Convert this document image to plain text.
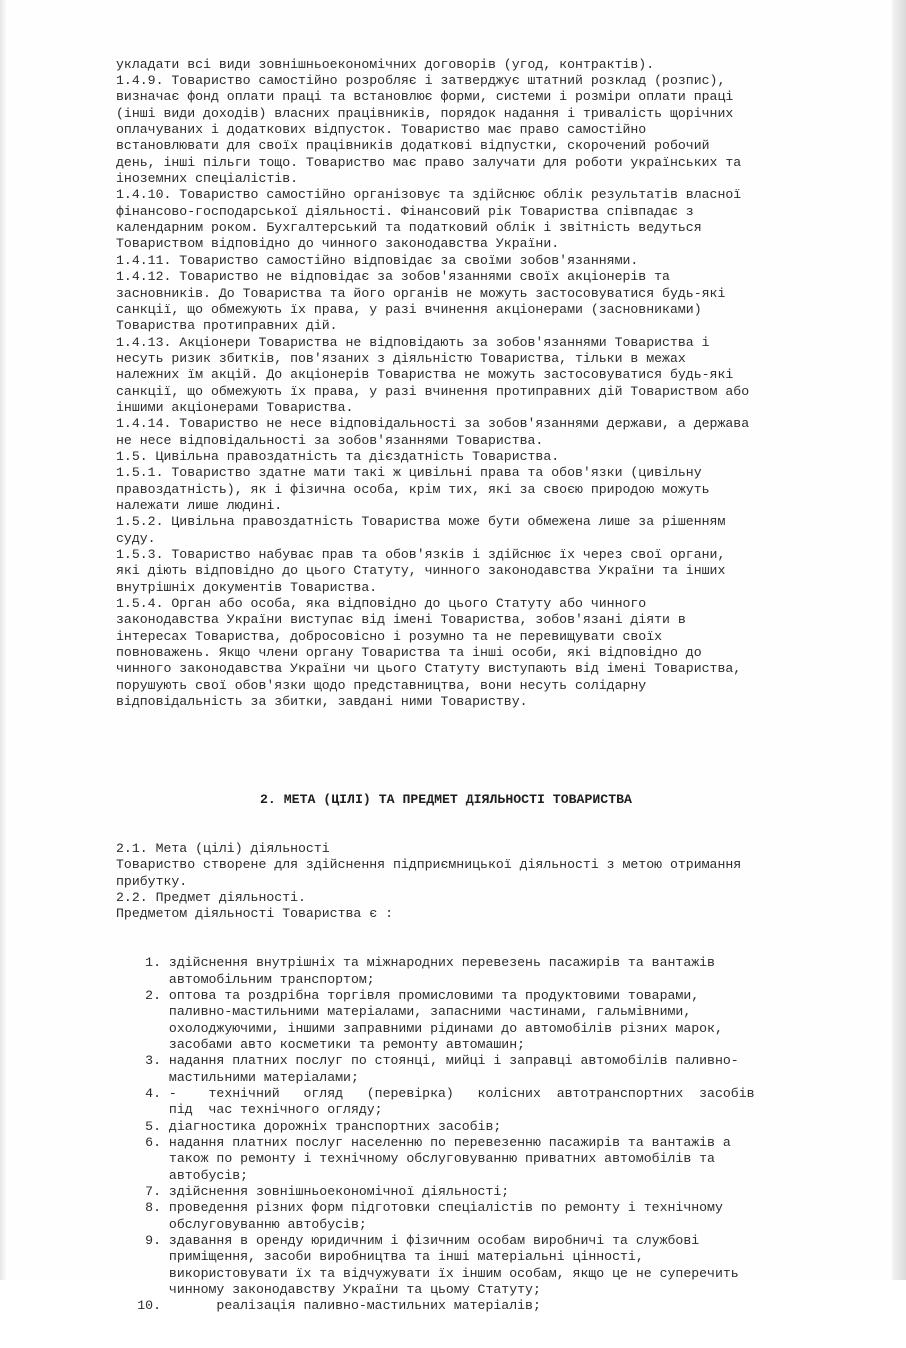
укладати всі види зовнішньоекономічних договорів (угод, контрактів).
1.4.9. Товариство самостійно розробляє і затверджує штатний розклад (розпис),
визначає фонд оплати праці та встановлює форми, системи і розміри оплати праці
(інші види доходів) власних працівників, порядок надання і тривалість щорічних
оплачуваних і додаткових відпусток. Товариство має право самостійно
встановлювати для своїх працівників додаткові відпустки, скорочений робочий
день, інші пільги тощо. Товариство має право залучати для роботи українських та
іноземних спеціалістів.
1.4.10. Товариство самостійно організовує та здійснює облік результатів власної
фінансово-господарської діяльності. Фінансовий рік Товариства співпадає з
календарним роком. Бухгалтерський та податковий облік і звітність ведуться
Товариством відповідно до чинного законодавства України.
1.4.11. Товариство самостійно відповідає за своїми зобов'язаннями.
1.4.12. Товариство не відповідає за зобов'язаннями своїх акціонерів та
засновників. До Товариства та його органів не можуть застосовуватися будь-які
санкції, що обмежують їх права, у разі вчинення акціонерами (засновниками)
Товариства протиправних дій.
1.4.13. Акціонери Товариства не відповідають за зобов'язаннями Товариства і
несуть ризик збитків, пов'язаних з діяльністю Товариства, тільки в межах
належних їм акцій. До акціонерів Товариства не можуть застосовуватися будь-які
санкції, що обмежують їх права, у разі вчинення протиправних дій Товариством або
іншими акціонерами Товариства.
1.4.14. Товариство не несе відповідальності за зобов'язаннями держави, а держава
не несе відповідальності за зобов'язаннями Товариства.
1.5. Цивільна правоздатність та дієздатність Товариства.
1.5.1. Товариство здатне мати такі ж цивільні права та обов'язки (цивільну
правоздатність), як і фізична особа, крім тих, які за своєю природою можуть
належати лише людині.
1.5.2. Цивільна правоздатність Товариства може бути обмежена лише за рішенням
суду.
1.5.3. Товариство набуває прав та обов'язків і здійснює їх через свої органи,
які діють відповідно до цього Статуту, чинного законодавства України та інших
внутрішніх документів Товариства.
1.5.4. Орган або особа, яка відповідно до цього Статуту або чинного
законодавства України виступає від імені Товариства, зобов'язані діяти в
інтересах Товариства, добросовісно і розумно та не перевищувати своїх
повноважень. Якщо члени органу Товариства та інші особи, які відповідно до
чинного законодавства України чи цього Статуту виступають від імені Товариства,
порушують свої обов'язки щодо представництва, вони несуть солідарну
відповідальність за збитки, завдані ними Товариству.

2. МЕТА (ЦІЛІ) ТА ПРЕДМЕТ ДІЯЛЬНОСТІ ТОВАРИСТВА

2.1. Мета (цілі) діяльності
Товариство створене для здійснення підприємницької діяльності з метою отримання
прибутку.
2.2. Предмет діяльності.
Предметом діяльності Товариства є :

1. здійснення внутрішніх та міжнародних перевезень пасажирів та вантажів
автомобільним транспортом;
2. оптова та роздрібна торгівля промисловими та продуктовими товарами,
паливно-мастильними матеріалами, запасними частинами, гальмівними,
охолоджуючими, іншими заправними рідинами до автомобілів різних марок,
засобами авто косметики та ремонту автомашин;
3. надання платних послуг по стоянці, мийці і заправці автомобілів паливно-
мастильними матеріалами;
4. -    технічний   огляд   (перевірка)   колісних  автотранспортних  засобів
під  час технічного огляду;
5. діагностика дорожніх транспортних засобів;
6. надання платних послуг населенню по перевезенню пасажирів та вантажів а
також по ремонту і технічному обслуговуванню приватних автомобілів та
автобусів;
7. здійснення зовнішньоекономічної діяльності;
8. проведення різних форм підготовки спеціалістів по ремонту і технічному
обслуговуванню автобусів;
9. здавання в оренду юридичним і фізичним особам виробничі та службові
приміщення, засоби виробництва та інші матеріальні цінності,
використовувати їх та відчужувати їх іншим особам, якщо це не суперечить
чинному законодавству України та цьому Статуту;
10. реалізація паливно-мастильних матеріалів;
